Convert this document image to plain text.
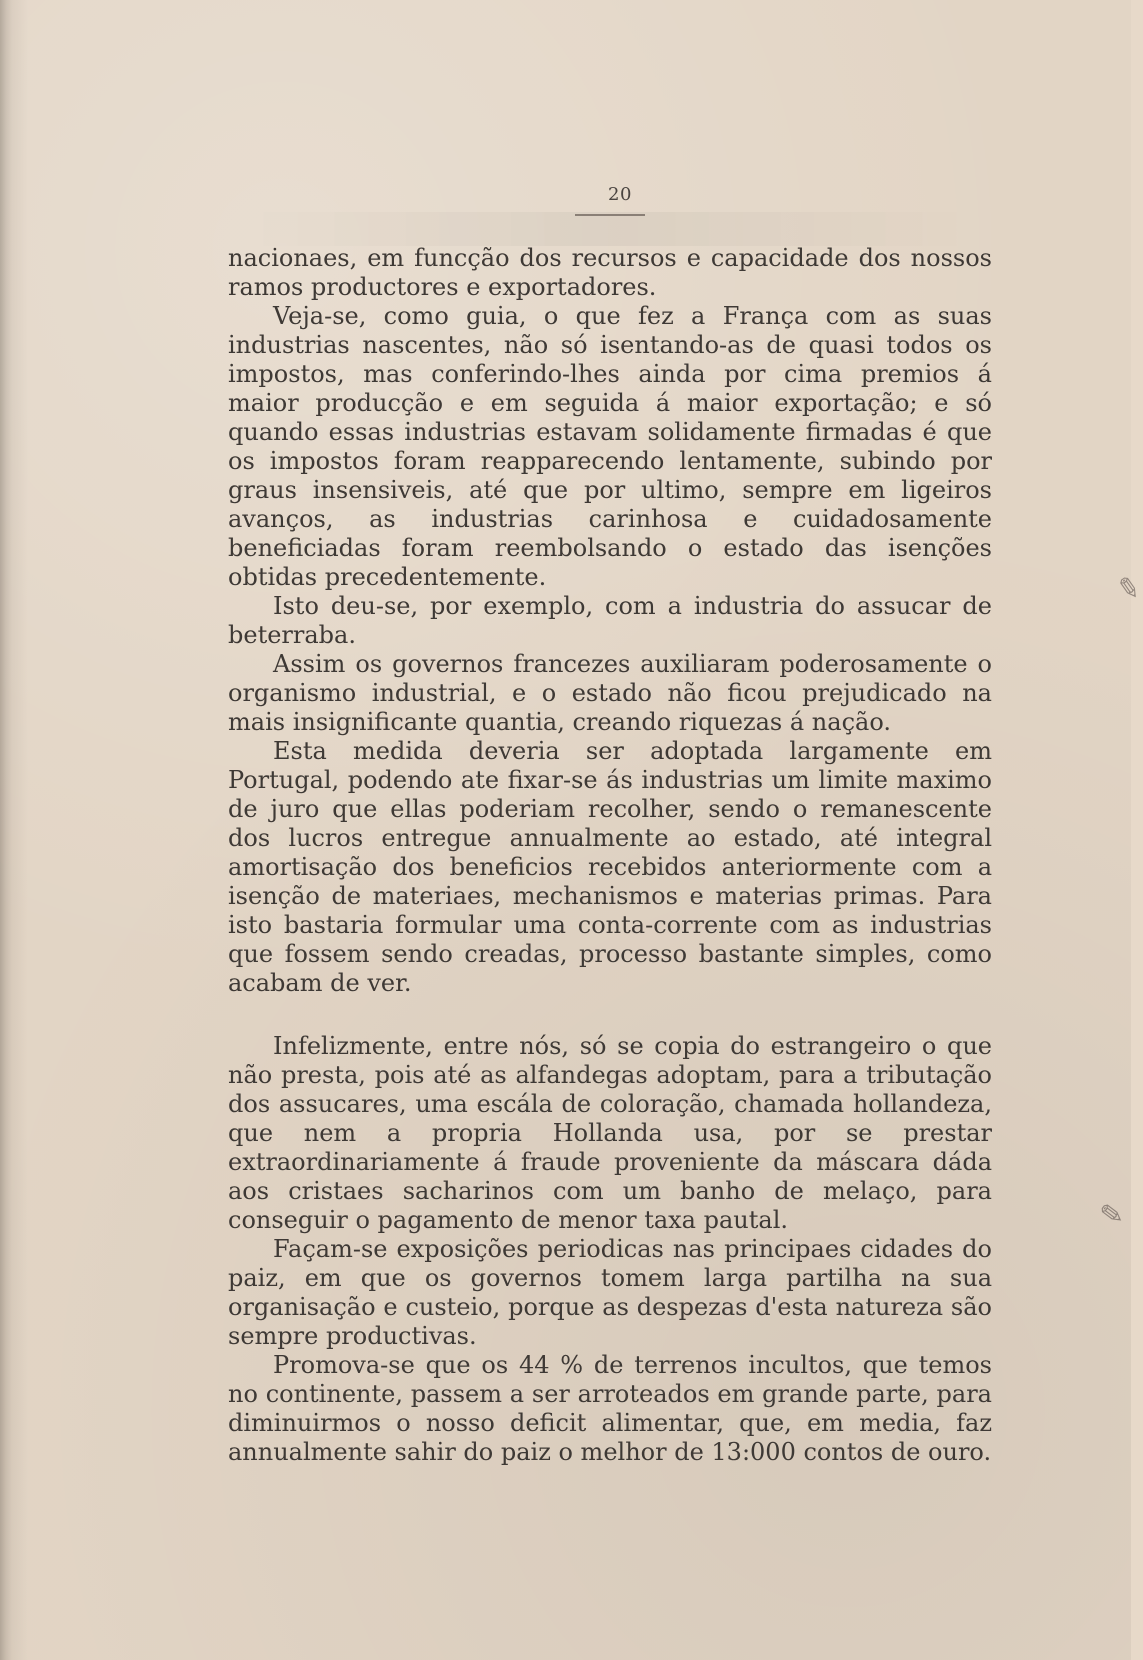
20

nacionaes, em funcção dos recursos e capacidade dos nossos ramos productores e exportadores.

Veja-se, como guia, o que fez a França com as suas industrias nascentes, não só isentando-as de quasi todos os impostos, mas conferindo-lhes ainda por cima premios á maior producção e em seguida á maior exportação; e só quando essas industrias estavam solidamente firmadas é que os impostos foram reapparecendo lentamente, subindo por graus insensiveis, até que por ultimo, sempre em ligeiros avanços, as industrias carinhosa e cuidadosamente beneficiadas foram reembolsando o estado das isenções obtidas precedentemente.

Isto deu-se, por exemplo, com a industria do assucar de beterraba.

Assim os governos francezes auxiliaram poderosamente o organismo industrial, e o estado não ficou prejudicado na mais insignificante quantia, creando riquezas á nação.

Esta medida deveria ser adoptada largamente em Portugal, podendo ate fixar-se ás industrias um limite maximo de juro que ellas poderiam recolher, sendo o remanescente dos lucros entregue annualmente ao estado, até integral amortisação dos beneficios recebidos anteriormente com a isenção de materiaes, mechanismos e materias primas. Para isto bastaria formular uma conta-corrente com as industrias que fossem sendo creadas, processo bastante simples, como acabam de ver.

Infelizmente, entre nós, só se copia do estrangeiro o que não presta, pois até as alfandegas adoptam, para a tributação dos assucares, uma escála de coloração, chamada hollandeza, que nem a propria Hollanda usa, por se prestar extraordinariamente á fraude proveniente da máscara dáda aos cristaes sacharinos com um banho de melaço, para conseguir o pagamento de menor taxa pautal.

Façam-se exposições periodicas nas principaes cidades do paiz, em que os governos tomem larga partilha na sua organisação e custeio, porque as despezas d'esta natureza são sempre productivas.

Promova-se que os 44 % de terrenos incultos, que temos no continente, passem a ser arroteados em grande parte, para diminuirmos o nosso deficit alimentar, que, em media, faz annualmente sahir do paiz o melhor de 13:000 contos de ouro.

✎
✎
